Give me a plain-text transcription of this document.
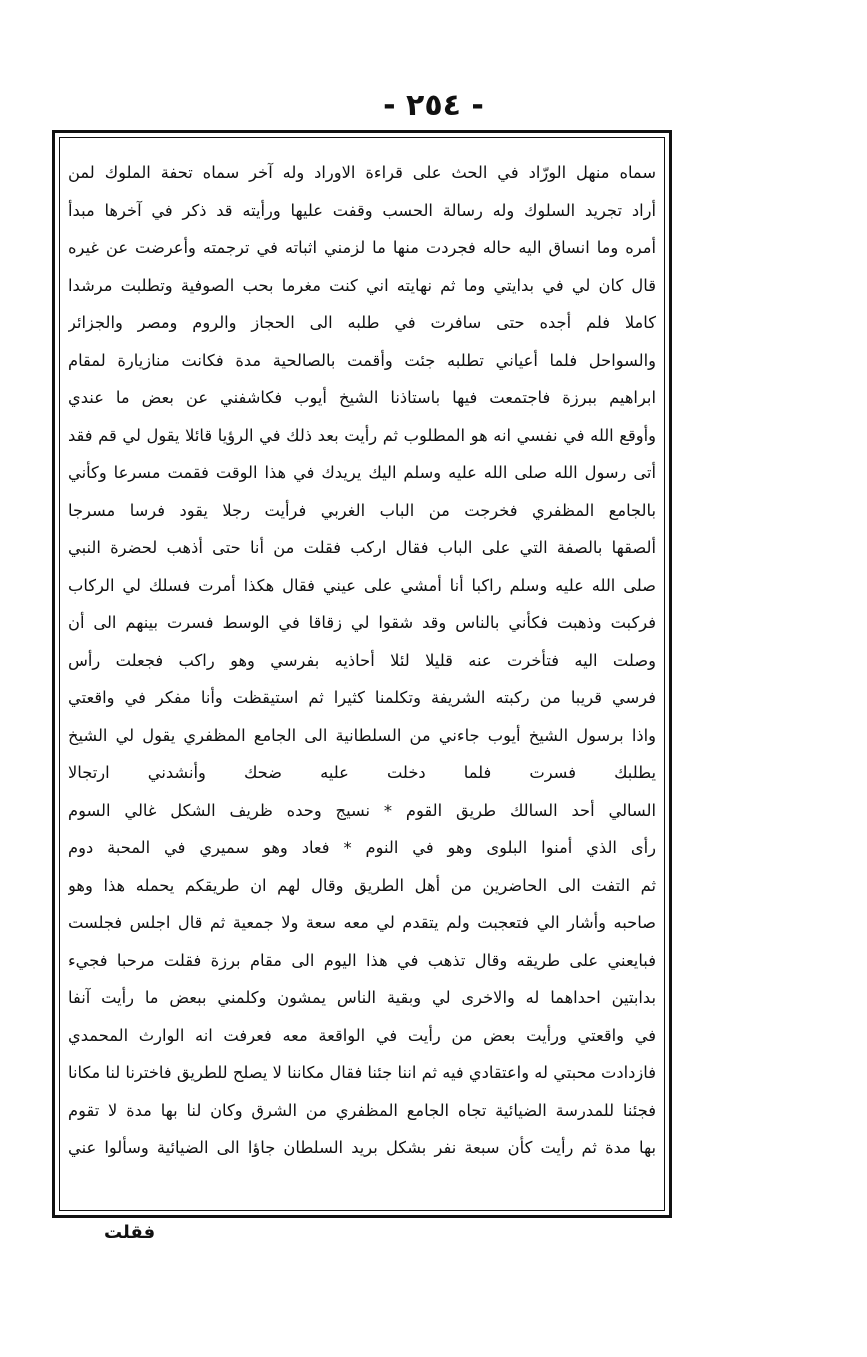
- ٢٥٤ -
سماه منهل الورّاد في الحث على قراءة الاوراد وله آخر سماه تحفة الملوك لمن
أراد تجريد السلوك وله رسالة الحسب وقفت عليها ورأيته قد ذكر في آخرها مبدأ
أمره وما انساق اليه حاله فجردت منها ما لزمني اثباته في ترجمته وأعرضت عن غيره
قال كان لي في بدايتي وما ثم نهايته اني كنت مغرما بحب الصوفية وتطلبت مرشدا
كاملا فلم أجده حتى سافرت في طلبه الى الحجاز والروم ومصر والجزائر
والسواحل فلما أعياني تطلبه جئت وأقمت بالصالحية مدة فكانت منازيارة لمقام
ابراهيم ببرزة فاجتمعت فيها باستاذنا الشيخ أيوب فكاشفني عن بعض ما عندي
وأوقع الله في نفسي انه هو المطلوب ثم رأيت بعد ذلك في الرؤيا قائلا يقول لي قم فقد
أتى رسول الله صلى الله عليه وسلم اليك يريدك في هذا الوقت فقمت مسرعا وكأني
بالجامع المظفري فخرجت من الباب الغربي فرأيت رجلا يقود فرسا مسرجا
ألصقها بالصفة التي على الباب فقال اركب فقلت من أنا حتى أذهب لحضرة النبي
صلى الله عليه وسلم راكبا أنا أمشي على عيني فقال هكذا أمرت فسلك لي الركاب
فركبت وذهبت فكأني بالناس وقد شقوا لي زقاقا في الوسط فسرت بينهم الى أن
وصلت اليه فتأخرت عنه قليلا لئلا أحاذيه بفرسي وهو راكب فجعلت رأس
فرسي قريبا من ركبته الشريفة وتكلمنا كثيرا ثم استيقظت وأنا مفكر في واقعتي
واذا برسول الشيخ أيوب جاءني من السلطانية الى الجامع المظفري يقول لي الشيخ
يطلبك فسرت فلما دخلت عليه ضحك وأنشدني ارتجالا
السالي أحد السالك طريق القوم * نسيج وحده ظريف الشكل غالي السوم
رأى الذي أمنوا البلوى وهو في النوم * فعاد وهو سميري في المحبة دوم
ثم التفت الى الحاضرين من أهل الطريق وقال لهم ان طريقكم يحمله هذا وهو
صاحبه وأشار الي فتعجبت ولم يتقدم لي معه سعة ولا جمعية ثم قال اجلس فجلست
فبايعني على طريقه وقال تذهب في هذا اليوم الى مقام برزة فقلت مرحبا فجيء
بدابتين احداهما له والاخرى لي وبقية الناس يمشون وكلمني ببعض ما رأيت آنفا
في واقعتي ورأيت بعض من رأيت في الواقعة معه فعرفت انه الوارث المحمدي
فازدادت محبتي له واعتقادي فيه ثم اننا جئنا فقال مكاننا لا يصلح للطريق فاخترنا لنا مكانا
فجئنا للمدرسة الضيائية تجاه الجامع المظفري من الشرق وكان لنا بها مدة لا تقوم
بها مدة ثم رأيت كأن سبعة نفر بشكل بريد السلطان جاؤا الى الضيائية وسألوا عني
فقلت
